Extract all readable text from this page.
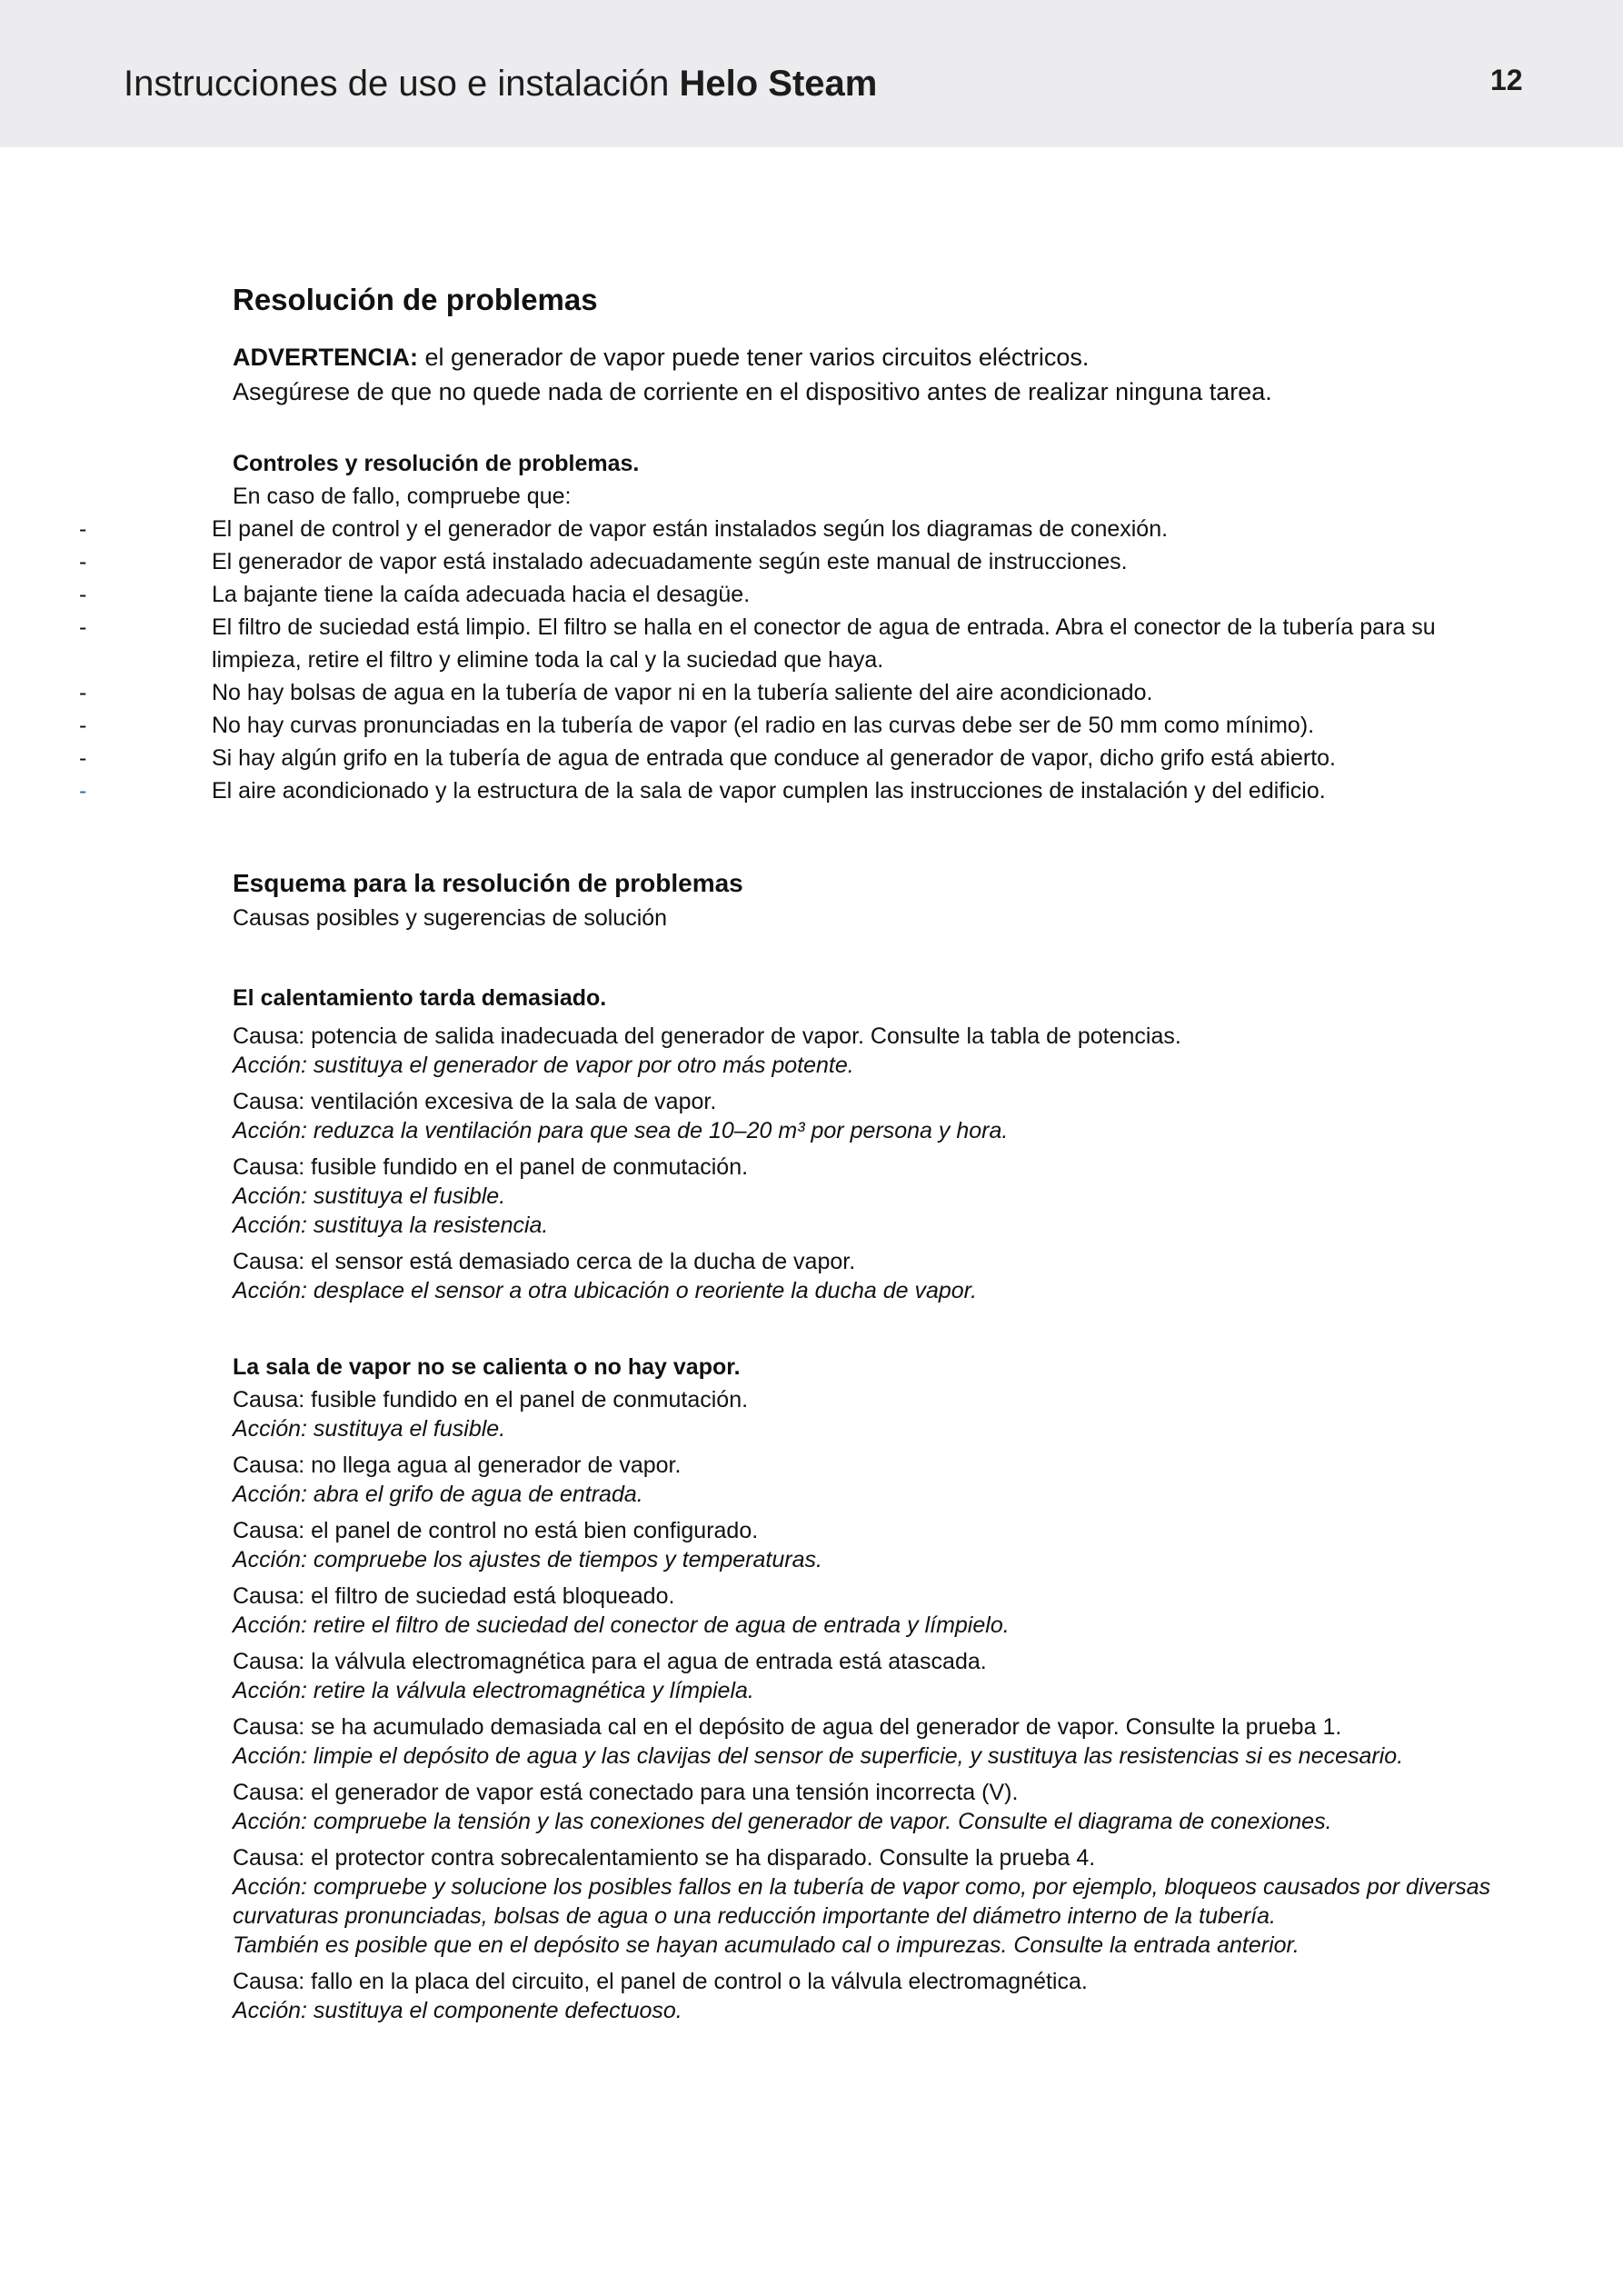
Instrucciones de uso e instalación Helo Steam	12
Resolución de problemas
ADVERTENCIA: el generador de vapor puede tener varios circuitos eléctricos.
Asegúrese de que no quede nada de corriente en el dispositivo antes de realizar ninguna tarea.
Controles y resolución de problemas.

En caso de fallo, compruebe que:

-	El panel de control y el generador de vapor están instalados según los diagramas de conexión.
-	El generador de vapor está instalado adecuadamente según este manual de instrucciones.
-	La bajante tiene la caída adecuada hacia el desagüe.
-	El filtro de suciedad está limpio. El filtro se halla en el conector de agua de entrada. Abra el conector de la tubería para su limpieza, retire el filtro y elimine toda la cal y la suciedad que haya.
-	No hay bolsas de agua en la tubería de vapor ni en la tubería saliente del aire acondicionado.
-	No hay curvas pronunciadas en la tubería de vapor (el radio en las curvas debe ser de 50 mm como mínimo).
-	Si hay algún grifo en la tubería de agua de entrada que conduce al generador de vapor, dicho grifo está abierto.
-	El aire acondicionado y la estructura de la sala de vapor cumplen las instrucciones de instalación y del edificio.
Esquema para la resolución de problemas

Causas posibles y sugerencias de solución

El calentamiento tarda demasiado.
Causa: potencia de salida inadecuada del generador de vapor. Consulte la tabla de potencias.
Acción: sustituya el generador de vapor por otro más potente.
Causa: ventilación excesiva de la sala de vapor.
Acción: reduzca la ventilación para que sea de 10–20 m³ por persona y hora.
Causa: fusible fundido en el panel de conmutación.
Acción: sustituya el fusible.
Acción: sustituya la resistencia.
Causa: el sensor está demasiado cerca de la ducha de vapor.
Acción: desplace el sensor a otra ubicación o reoriente la ducha de vapor.
La sala de vapor no se calienta o no hay vapor.
Causa: fusible fundido en el panel de conmutación.
Acción: sustituya el fusible.
Causa: no llega agua al generador de vapor.
Acción: abra el grifo de agua de entrada.
Causa: el panel de control no está bien configurado.
Acción: compruebe los ajustes de tiempos y temperaturas.
Causa: el filtro de suciedad está bloqueado.
Acción: retire el filtro de suciedad del conector de agua de entrada y límpielo.
Causa: la válvula electromagnética para el agua de entrada está atascada.
Acción: retire la válvula electromagnética y límpiela.
Causa: se ha acumulado demasiada cal en el depósito de agua del generador de vapor. Consulte la prueba 1.
Acción: limpie el depósito de agua y las clavijas del sensor de superficie, y sustituya las resistencias si es necesario.
Causa: el generador de vapor está conectado para una tensión incorrecta (V).
Acción: compruebe la tensión y las conexiones del generador de vapor. Consulte el diagrama de conexiones.
Causa: el protector contra sobrecalentamiento se ha disparado. Consulte la prueba 4.
Acción: compruebe y solucione los posibles fallos en la tubería de vapor como, por ejemplo, bloqueos causados por diversas curvaturas pronunciadas, bolsas de agua o una reducción importante del diámetro interno de la tubería.
También es posible que en el depósito se hayan acumulado cal o impurezas. Consulte la entrada anterior.
Causa: fallo en la placa del circuito, el panel de control o la válvula electromagnética.
Acción: sustituya el componente defectuoso.
